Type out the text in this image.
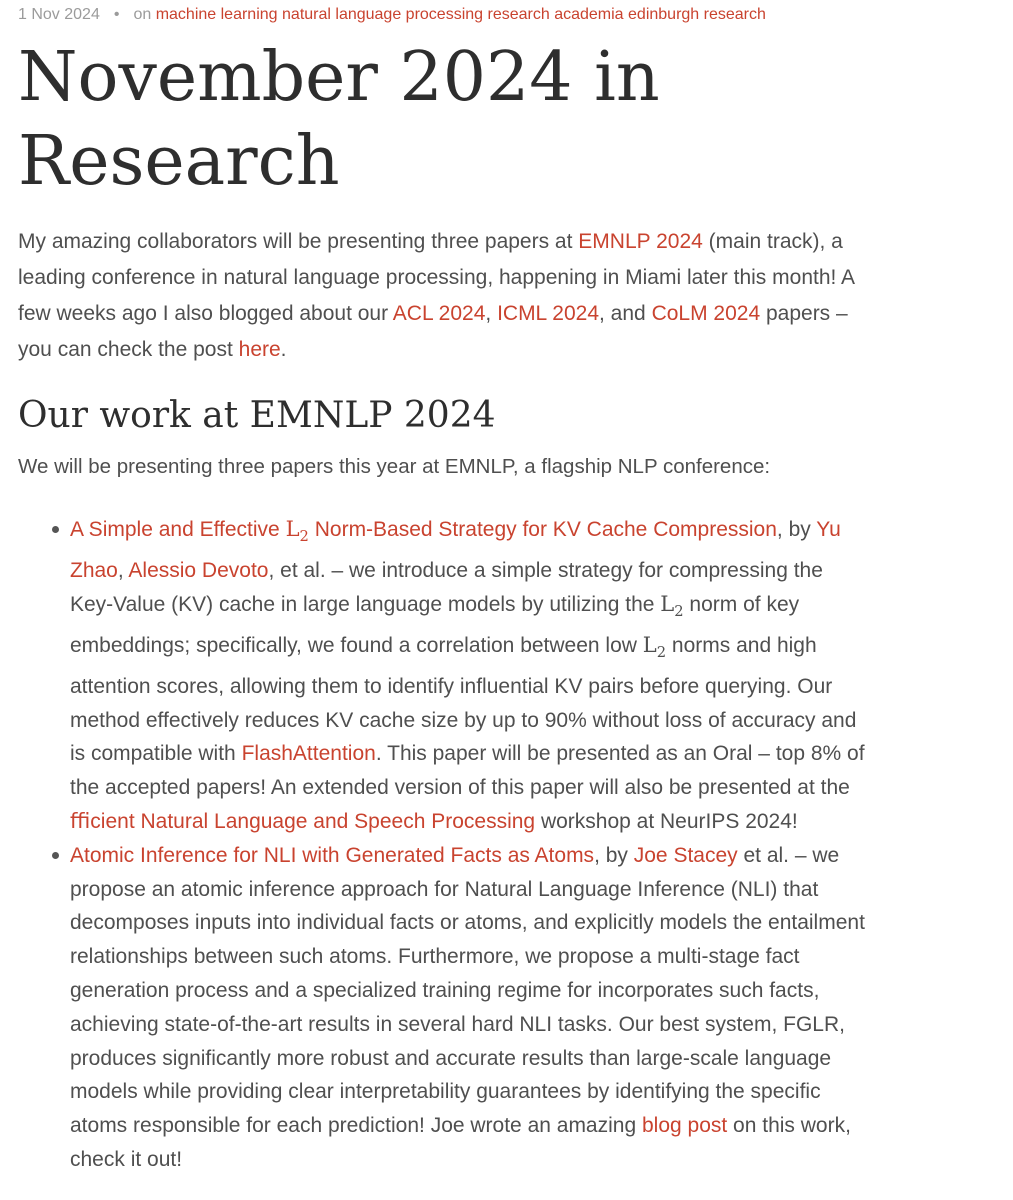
1 Nov 2024 • on machine learning natural language processing research academia edinburgh research
November 2024 in Research

My amazing collaborators will be presenting three papers at EMNLP 2024 (main track), a leading conference in natural language processing, happening in Miami later this month! A few weeks ago I also blogged about our ACL 2024, ICML 2024, and CoLM 2024 papers – you can check the post here.

Our work at EMNLP 2024

We will be presenting three papers this year at EMNLP, a flagship NLP conference:

A Simple and Effective $L_2$ Norm-Based Strategy for KV Cache Compression, by Yu Zhao, Alessio Devoto, et al. – we introduce a simple strategy for compressing the Key-Value (KV) cache in large language models by utilizing the $L_2$ norm of key embeddings; specifically, we found a correlation between low $L_2$ norms and high attention scores, allowing them to identify influential KV pairs before querying. Our method effectively reduces KV cache size by up to 90% without loss of accuracy and is compatible with FlashAttention. This paper will be presented as an Oral – top 8% of the accepted papers! An extended version of this paper will also be presented at the ﬃcient Natural Language and Speech Processing workshop at NeurIPS 2024!
Atomic Inference for NLI with Generated Facts as Atoms, by Joe Stacey et al. – we propose an atomic inference approach for Natural Language Inference (NLI) that decomposes inputs into individual facts or atoms, and explicitly models the entailment relationships between such atoms. Furthermore, we propose a multi-stage fact generation process and a specialized training regime for incorporates such facts, achieving state-of-the-art results in several hard NLI tasks. Our best system, FGLR, produces significantly more robust and accurate results than large-scale language models while providing clear interpretability guarantees by identifying the specific atoms responsible for each prediction! Joe wrote an amazing blog post on this work, check it out!
